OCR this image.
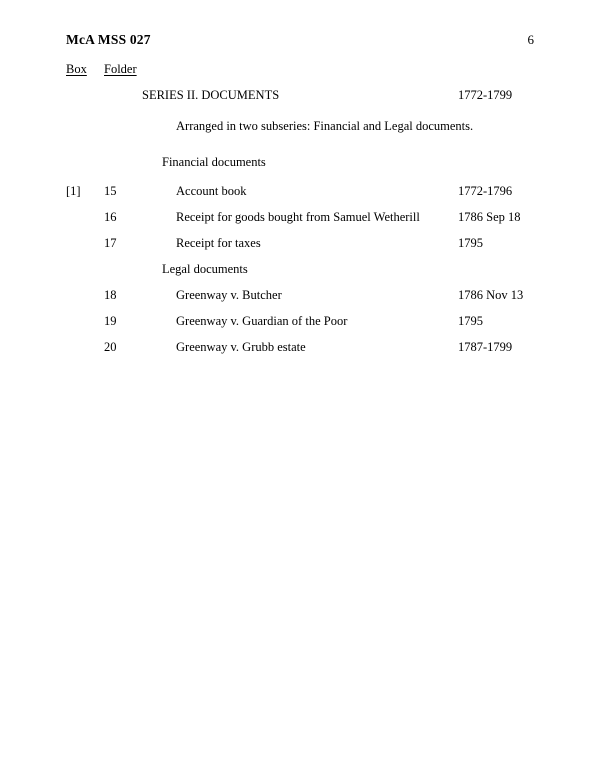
McA MSS 027	6
Box Folder
SERIES II. DOCUMENTS	1772-1799
Arranged in two subseries: Financial and Legal documents.
Financial documents
[1]	15	Account book	1772-1796
16	Receipt for goods bought from Samuel Wetherill	1786 Sep 18
17	Receipt for taxes	1795
Legal documents
18	Greenway v. Butcher	1786 Nov 13
19	Greenway v. Guardian of the Poor	1795
20	Greenway v. Grubb estate	1787-1799
